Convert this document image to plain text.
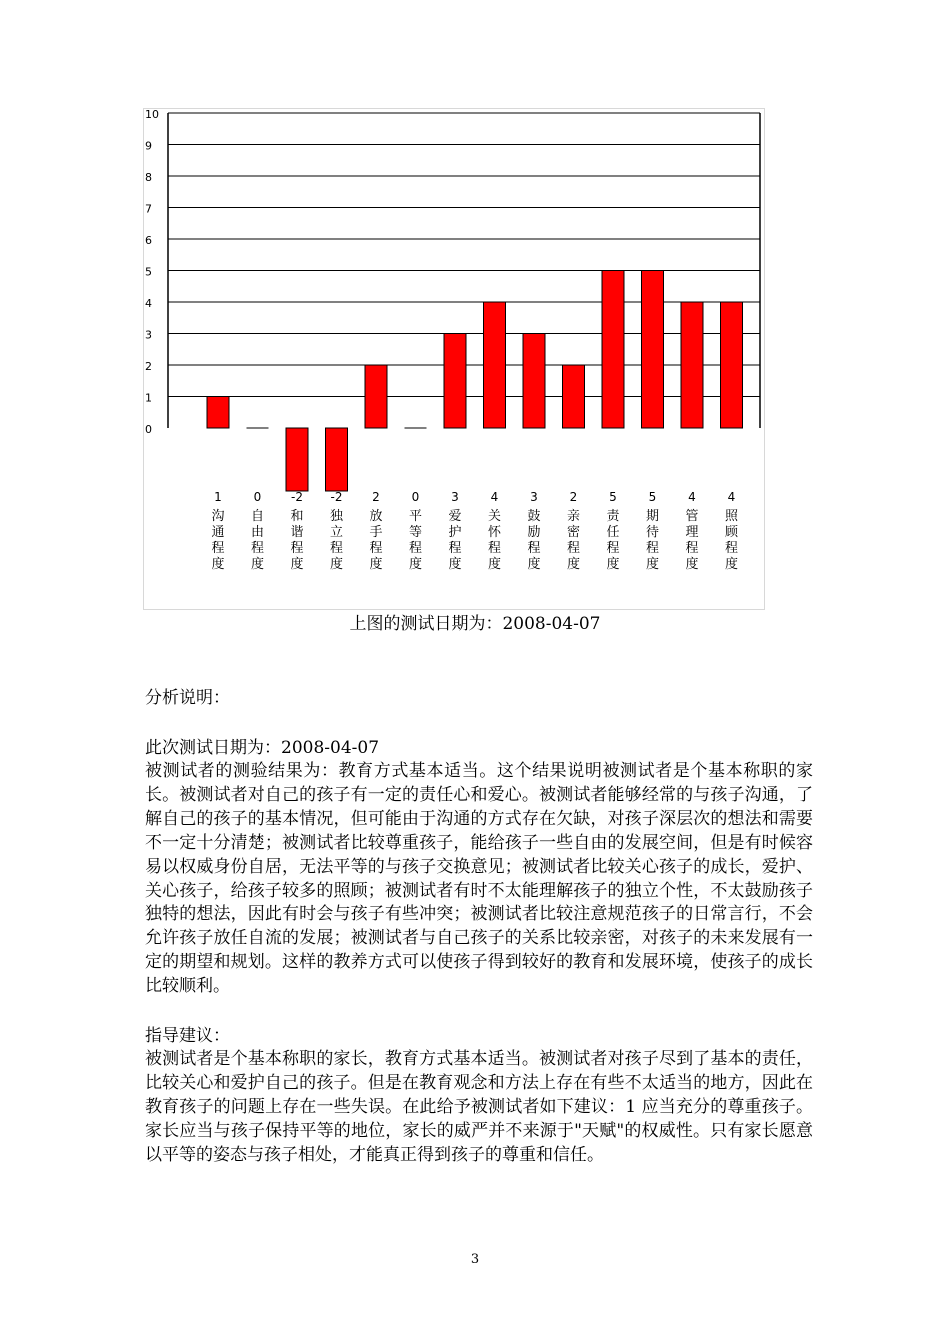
0
1
2
3
4
5
6
7
8
9
10
1
沟
通
程
度
0
自
由
程
度
-2
和
谐
程
度
-2
独
立
程
度
2
放
手
程
度
0
平
等
程
度
3
爱
护
程
度
4
关
怀
程
度
3
鼓
励
程
度
2
亲
密
程
度
5
责
任
程
度
5
期
待
程
度
4
管
理
程
度
4
照
顾
程
度
上图的测试日期为：2008-04-07
分析说明：
此次测试日期为：2008-04-07

被测试者的测验结果为：教育方式基本适当。这个结果说明被测试者是个基本称职的家长。被测试者对自己的孩子有一定的责任心和爱心。被测试者能够经常的与孩子沟通，了解自己的孩子的基本情况，但可能由于沟通的方式存在欠缺，对孩子深层次的想法和需要不一定十分清楚；被测试者比较尊重孩子，能给孩子一些自由的发展空间，但是有时候容易以权威身份自居，无法平等的与孩子交换意见；被测试者比较关心孩子的成长，爱护、关心孩子，给孩子较多的照顾；被测试者有时不太能理解孩子的独立个性，不太鼓励孩子独特的想法，因此有时会与孩子有些冲突；被测试者比较注意规范孩子的日常言行，不会允许孩子放任自流的发展；被测试者与自己孩子的关系比较亲密，对孩子的未来发展有一定的期望和规划。这样的教养方式可以使孩子得到较好的教育和发展环境，使孩子的成长比较顺利。

指导建议：

被测试者是个基本称职的家长，教育方式基本适当。被测试者对孩子尽到了基本的责任，比较关心和爱护自己的孩子。但是在教育观念和方法上存在有些不太适当的地方，因此在教育孩子的问题上存在一些失误。在此给予被测试者如下建议：1 应当充分的尊重孩子。家长应当与孩子保持平等的地位，家长的威严并不来源于"天赋"的权威性。只有家长愿意以平等的姿态与孩子相处，才能真正得到孩子的尊重和信任。

3
